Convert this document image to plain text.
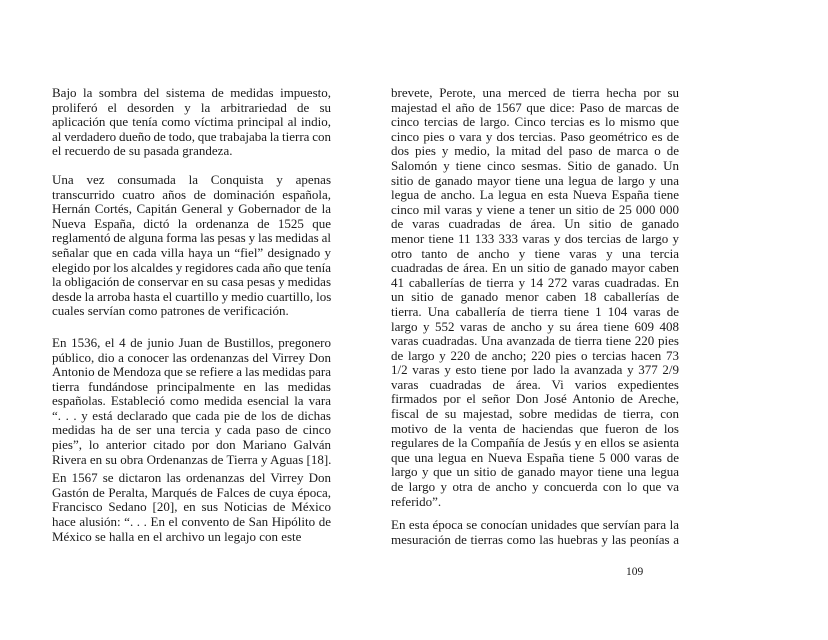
Bajo la sombra del sistema de medidas impuesto,
proliferó el desorden y la arbitrariedad de su
aplicación que tenía como víctima principal al indio,
al verdadero dueño de todo, que trabajaba la tierra con
el recuerdo de su pasada grandeza.
Una vez consumada la Conquista y apenas
transcurrido cuatro años de dominación española,
Hernán Cortés, Capitán General y Gobernador de la
Nueva España, dictó la ordenanza de 1525 que
reglamentó de alguna forma las pesas y las medidas al
señalar que en cada villa haya un “fiel” designado y
elegido por los alcaldes y regidores cada año que tenía
la obligación de conservar en su casa pesas y medidas
desde la arroba hasta el cuartillo y medio cuartillo, los
cuales servían como patrones de verificación.
En 1536, el 4 de junio Juan de Bustillos, pregonero
público, dio a conocer las ordenanzas del Virrey Don
Antonio de Mendoza que se refiere a las medidas para
tierra fundándose principalmente en las medidas
españolas. Estableció como medida esencial la vara
“. . . y está declarado que cada pie de los de dichas
medidas ha de ser una tercia y cada paso de cinco
pies”, lo anterior citado por don Mariano Galván
Rivera en su obra Ordenanzas de Tierra y Aguas [18].
En 1567 se dictaron las ordenanzas del Virrey Don
Gastón de Peralta, Marqués de Falces de cuya época,
Francisco Sedano [20], en sus Noticias de México
hace alusión: “. . . En el convento de San Hipólito de
México se halla en el archivo un legajo con este
brevete, Perote, una merced de tierra hecha por su
majestad el año de 1567 que dice: Paso de marcas de
cinco tercias de largo. Cinco tercias es lo mismo que
cinco pies o vara y dos tercias. Paso geométrico es de
dos pies y medio, la mitad del paso de marca o de
Salomón y tiene cinco sesmas. Sitio de ganado. Un
sitio de ganado mayor tiene una legua de largo y una
legua de ancho. La legua en esta Nueva España tiene
cinco mil varas y viene a tener un sitio de 25 000 000
de varas cuadradas de área. Un sitio de ganado
menor tiene 11 133 333 varas y dos tercias de largo y
otro tanto de ancho y tiene varas y una tercia
cuadradas de área. En un sitio de ganado mayor caben
41 caballerías de tierra y 14 272 varas cuadradas. En
un sitio de ganado menor caben 18 caballerías de
tierra. Una caballería de tierra tiene 1 104 varas de
largo y 552 varas de ancho y su área tiene 609 408
varas cuadradas. Una avanzada de tierra tiene 220 pies
de largo y 220 de ancho; 220 pies o tercias hacen 73
1/2 varas y esto tiene por lado la avanzada y 377 2/9
varas cuadradas de área. Vi varios expedientes
firmados por el señor Don José Antonio de Areche,
fiscal de su majestad, sobre medidas de tierra, con
motivo de la venta de haciendas que fueron de los
regulares de la Compañía de Jesús y en ellos se asienta
que una legua en Nueva España tiene 5 000 varas de
largo y que un sitio de ganado mayor tiene una legua
de largo y otra de ancho y concuerda con lo que va
referido”.
En esta época se conocían unidades que servían para la
mesuración de tierras como las huebras y las peonías a
109
